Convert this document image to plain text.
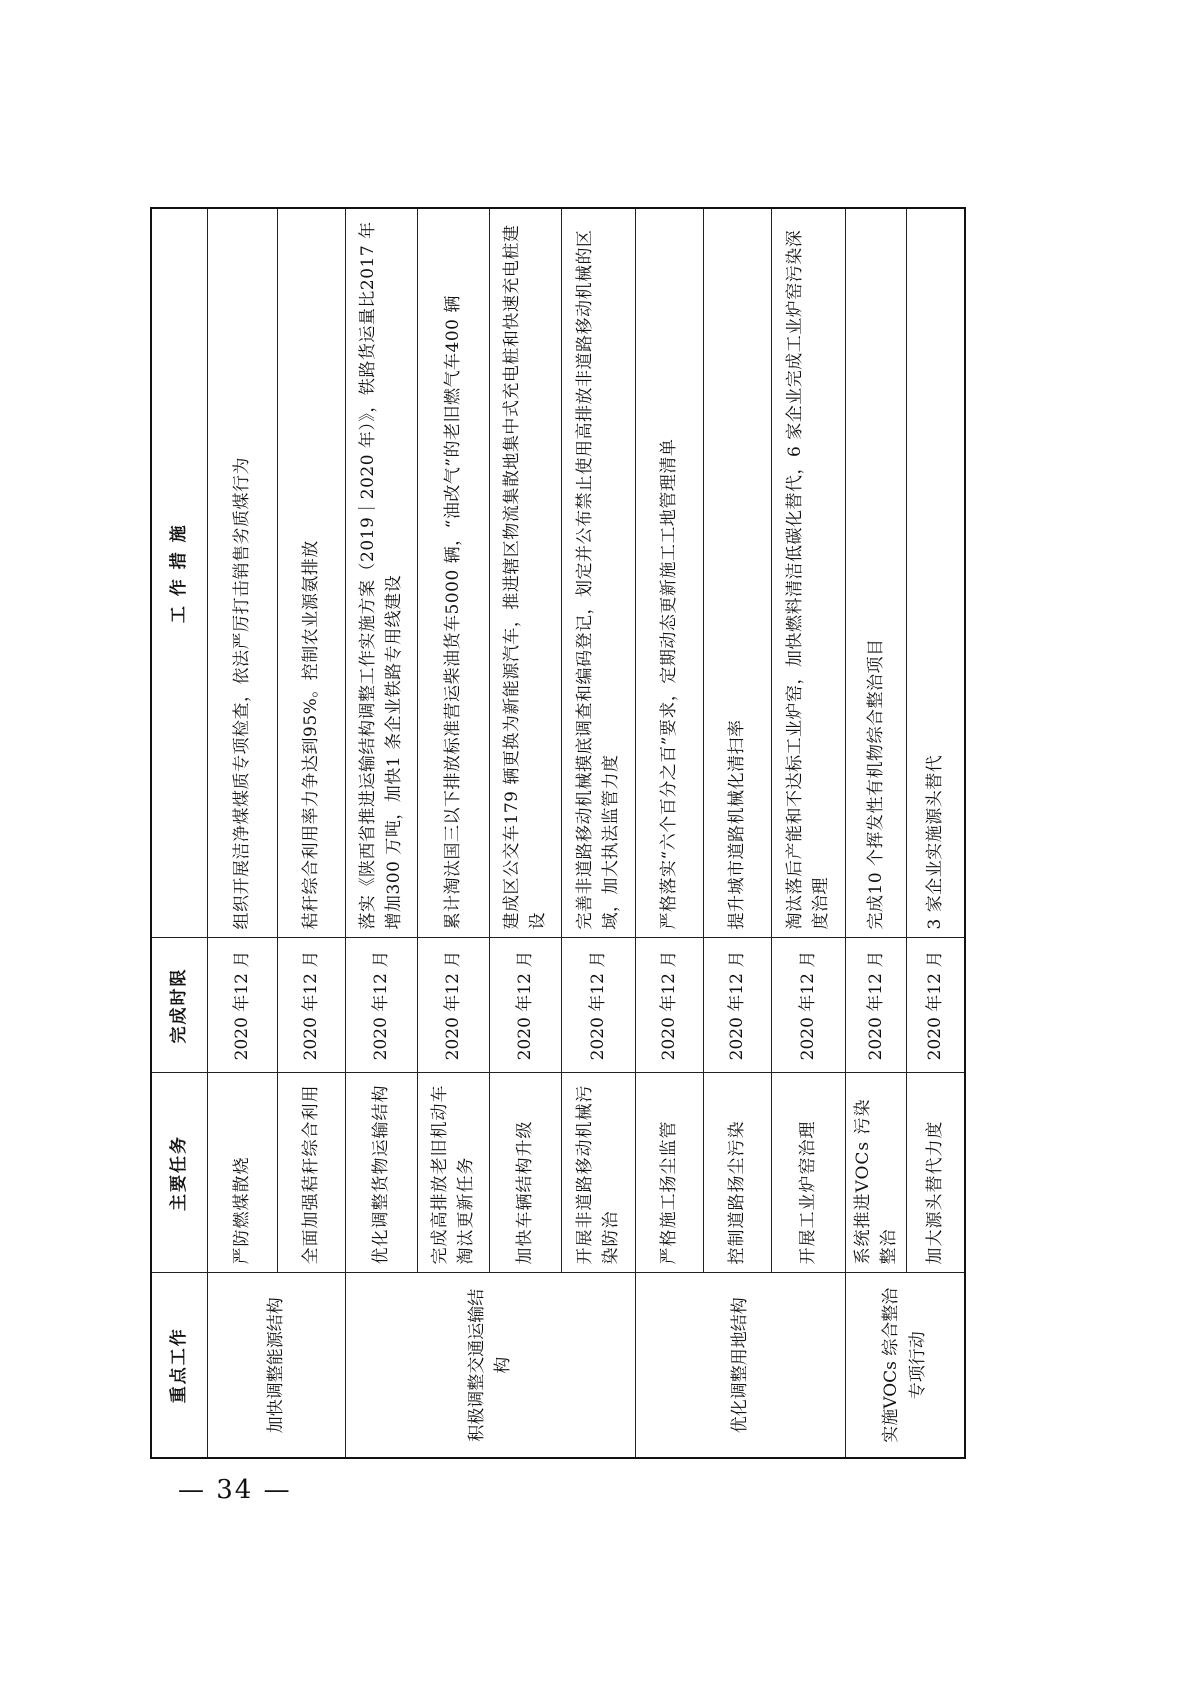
重点工作	主要任务	完成时限	工 作 措 施
加快调整能源结构	严防燃煤散烧	2020 年12 月	组织开展洁净煤煤质专项检查，依法严厉打击销售劣质煤行为
	全面加强秸秆综合利用	2020 年12 月	秸秆综合利用率力争达到95%。控制农业源氨排放
积极调整交通运输结构	优化调整货物运输结构	2020 年12 月	落实《陕西省推进运输结构调整工作实施方案（2019｜2020 年）》，铁路货运量比2017 年增加300 万吨，加快1 条企业铁路专用线建设
	完成高排放老旧机动车淘汰更新任务	2020 年12 月	累计淘汰国三以下排放标准营运柴油货车5000 辆，“油改气”的老旧燃气车400 辆
	加快车辆结构升级	2020 年12 月	建成区公交车179 辆更换为新能源汽车，推进辖区物流集散地集中式充电桩和快速充电桩建设
	开展非道路移动机械污染防治	2020 年12 月	完善非道路移动机械摸底调查和编码登记，划定并公布禁止使用高排放非道路移动机械的区域，加大执法监管力度
优化调整用地结构	严格施工扬尘监管	2020 年12 月	严格落实“六个百分之百”要求，定期动态更新施工工地管理清单
	控制道路扬尘污染	2020 年12 月	提升城市道路机械化清扫率
	开展工业炉窑治理	2020 年12 月	淘汰落后产能和不达标工业炉窑，加快燃料清洁低碳化替代，6 家企业完成工业炉窑污染深度治理
实施VOCs 综合整治专项行动	系统推进VOCs 污染整治	2020 年12 月	完成10 个挥发性有机物综合整治项目
	加大源头替代力度	2020 年12 月	3 家企业实施源头替代
— 34 —
